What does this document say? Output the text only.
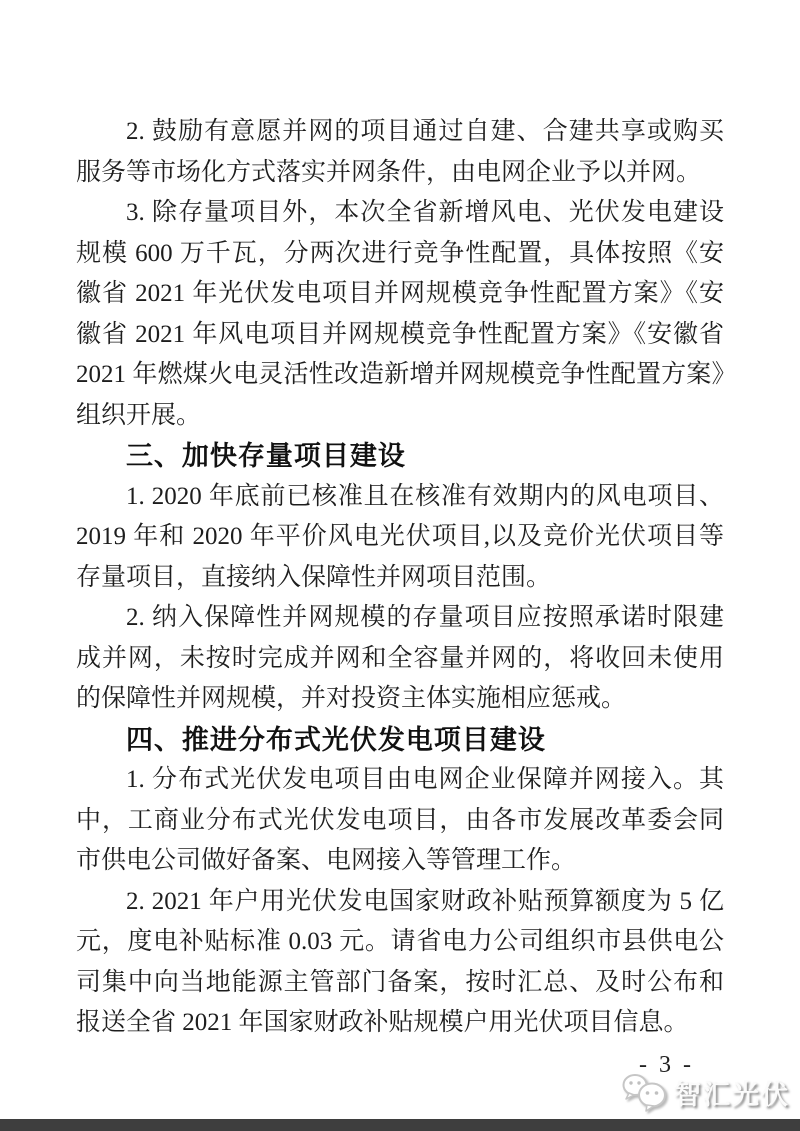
2. 鼓励有意愿并网的项目通过自建、合建共享或购买服务等市场化方式落实并网条件，由电网企业予以并网。

3. 除存量项目外，本次全省新增风电、光伏发电建设规模 600 万千瓦，分两次进行竞争性配置，具体按照《安徽省 2021 年光伏发电项目并网规模竞争性配置方案》《安徽省 2021 年风电项目并网规模竞争性配置方案》《安徽省 2021 年燃煤火电灵活性改造新增并网规模竞争性配置方案》组织开展。

三、加快存量项目建设

1. 2020 年底前已核准且在核准有效期内的风电项目、2019 年和 2020 年平价风电光伏项目,以及竞价光伏项目等存量项目，直接纳入保障性并网项目范围。

2. 纳入保障性并网规模的存量项目应按照承诺时限建成并网，未按时完成并网和全容量并网的，将收回未使用的保障性并网规模，并对投资主体实施相应惩戒。

四、推进分布式光伏发电项目建设

1. 分布式光伏发电项目由电网企业保障并网接入。其中，工商业分布式光伏发电项目，由各市发展改革委会同市供电公司做好备案、电网接入等管理工作。

2. 2021 年户用光伏发电国家财政补贴预算额度为 5 亿元，度电补贴标准 0.03 元。请省电力公司组织市县供电公司集中向当地能源主管部门备案，按时汇总、及时公布和报送全省 2021 年国家财政补贴规模户用光伏项目信息。

- 3 -
智汇光伏
